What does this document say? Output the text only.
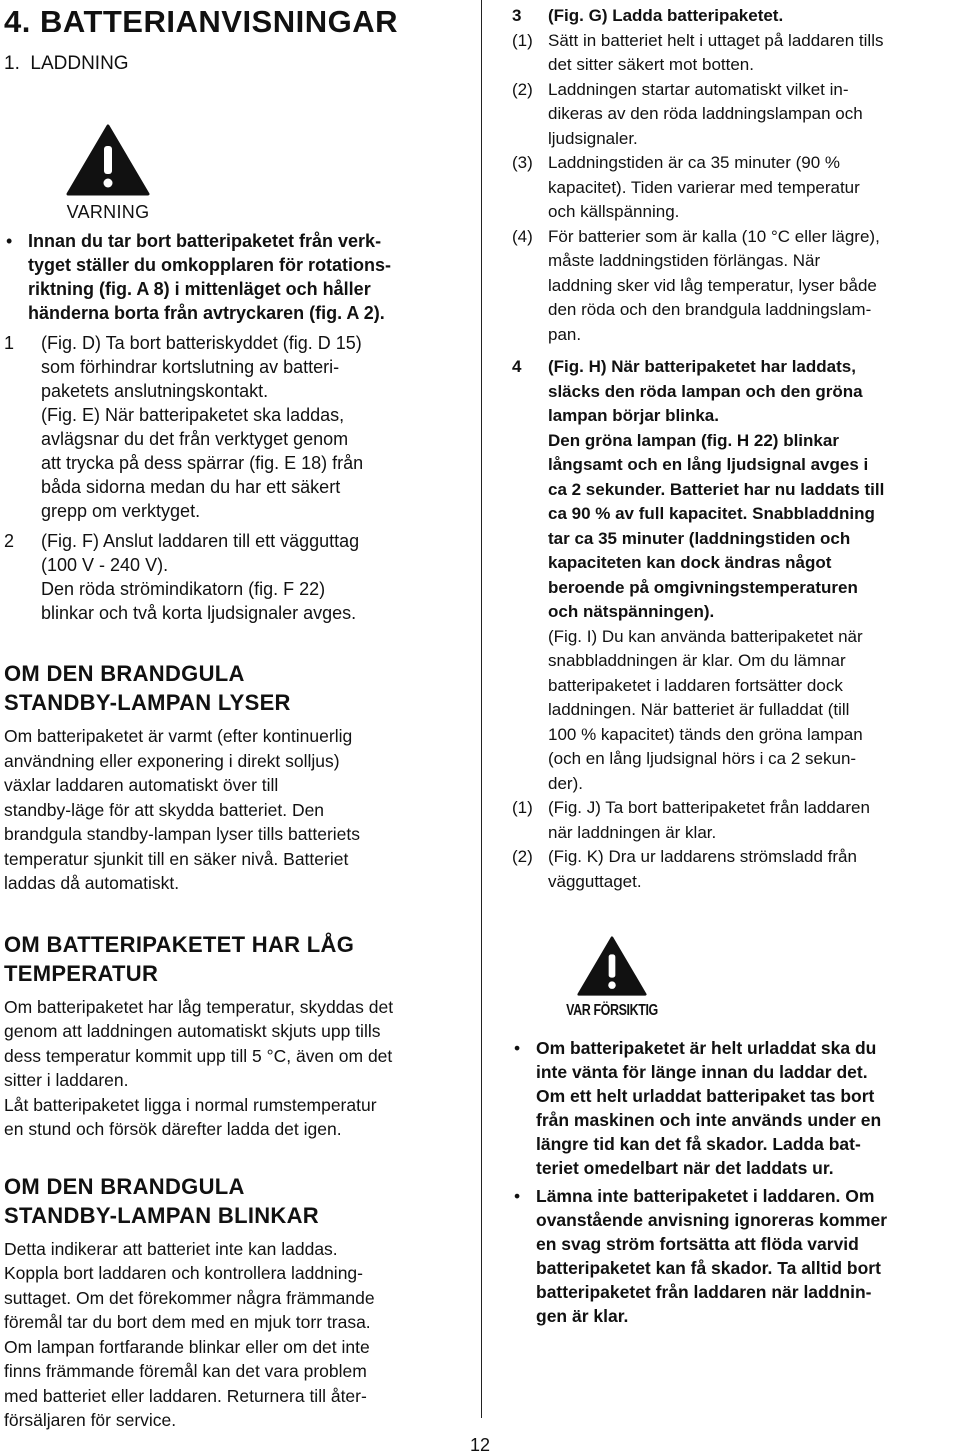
4. BATTERIANVISNINGAR
1.  LADDNING
VARNING
• Innan du tar bort batteripaketet från verk-
tyget ställer du omkopplaren för rotations-
riktning (fig. A 8) i mittenläget och håller
händerna borta från avtryckaren (fig. A 2).
1 (Fig. D) Ta bort batteriskyddet (fig. D 15)
som förhindrar kortslutning av batteri-
paketets anslutningskontakt.
(Fig. E) När batteripaketet ska laddas,
avlägsnar du det från verktyget genom
att trycka på dess spärrar (fig. E 18) från
båda sidorna medan du har ett säkert
grepp om verktyget.
2 (Fig. F) Anslut laddaren till ett vägguttag
(100 V - 240 V).
Den röda strömindikatorn (fig. F 22)
blinkar och två korta ljudsignaler avges.
OM DEN BRANDGULA
STANDBY-LAMPAN LYSER

Om batteripaketet är varmt (efter kontinuerlig
användning eller exponering i direkt solljus)
växlar laddaren automatiskt över till
standby-läge för att skydda batteriet. Den
brandgula standby-lampan lyser tills batteriets
temperatur sjunkit till en säker nivå. Batteriet
laddas då automatiskt.

OM BATTERIPAKETET HAR LÅG
TEMPERATUR

Om batteripaketet har låg temperatur, skyddas det
genom att laddningen automatiskt skjuts upp tills
dess temperatur kommit upp till 5 °C, även om det
sitter i laddaren.

Låt batteripaketet ligga i normal rumstemperatur
en stund och försök därefter ladda det igen.

OM DEN BRANDGULA
STANDBY-LAMPAN BLINKAR

Detta indikerar att batteriet inte kan laddas.
Koppla bort laddaren och kontrollera laddning-
suttaget. Om det förekommer några främmande
föremål tar du bort dem med en mjuk torr trasa.
Om lampan fortfarande blinkar eller om det inte
finns främmande föremål kan det vara problem
med batteriet eller laddaren. Returnera till åter-
försäljaren för service.

3 (Fig. G) Ladda batteripaketet.
(1) Sätt in batteriet helt i uttaget på laddaren tills
det sitter säkert mot botten.
(2) Laddningen startar automatiskt vilket in-
dikeras av den röda laddningslampan och
ljudsignaler.
(3) Laddningstiden är ca 35 minuter (90 %
kapacitet). Tiden varierar med temperatur
och källspänning.
(4) För batterier som är kalla (10 °C eller lägre),
måste laddningstiden förlängas. När
laddning sker vid låg temperatur, lyser både
den röda och den brandgula laddningslam-
pan.
4 (Fig. H) När batteripaketet har laddats,
släcks den röda lampan och den gröna
lampan börjar blinka.
Den gröna lampan (fig. H 22) blinkar
långsamt och en lång ljudsignal avges i
ca 2 sekunder. Batteriet har nu laddats till
ca 90 % av full kapacitet. Snabbladdning
tar ca 35 minuter (laddningstiden och
kapaciteten kan dock ändras något
beroende på omgivningstemperaturen
och nätspänningen).
(Fig. I) Du kan använda batteripaketet när
snabbladdningen är klar. Om du lämnar
batteripaketet i laddaren fortsätter dock
laddningen. När batteriet är fulladdat (till
100 % kapacitet) tänds den gröna lampan
(och en lång ljudsignal hörs i ca 2 sekun-
der).
(1) (Fig. J) Ta bort batteripaketet från laddaren
när laddningen är klar.
(2) (Fig. K) Dra ur laddarens strömsladd från
vägguttaget.
VAR FÖRSIKTIG
• Om batteripaketet är helt urladdat ska du
inte vänta för länge innan du laddar det.
Om ett helt urladdat batteripaket tas bort
från maskinen och inte används under en
längre tid kan det få skador. Ladda bat-
teriet omedelbart när det laddats ur.
• Lämna inte batteripaketet i laddaren. Om
ovanstående anvisning ignoreras kommer
en svag ström fortsätta att flöda varvid
batteripaketet kan få skador. Ta alltid bort
batteripaketet från laddaren när laddnin-
gen är klar.
12
